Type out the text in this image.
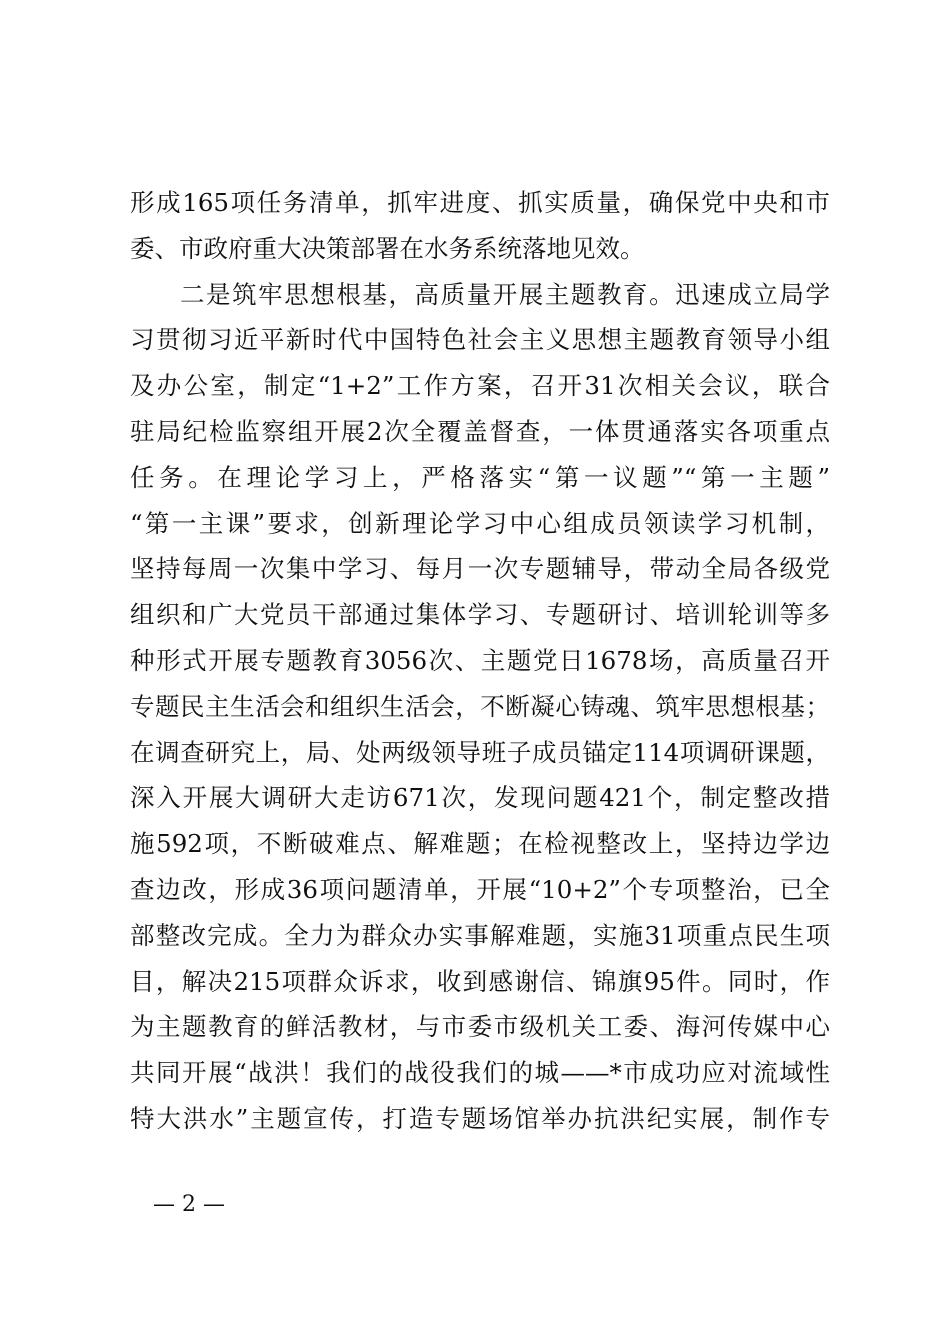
形成165项任务清单，抓牢进度、抓实质量，确保党中央和市
委、市政府重大决策部署在水务系统落地见效。
二是筑牢思想根基，高质量开展主题教育。迅速成立局学
习贯彻习近平新时代中国特色社会主义思想主题教育领导小组
及办公室，制定“1+2”工作方案，召开31次相关会议，联合
驻局纪检监察组开展2次全覆盖督查，一体贯通落实各项重点
任务。在理论学习上，严格落实“第一议题”“第一主题”
“第一主课”要求，创新理论学习中心组成员领读学习机制，
坚持每周一次集中学习、每月一次专题辅导，带动全局各级党
组织和广大党员干部通过集体学习、专题研讨、培训轮训等多
种形式开展专题教育3056次、主题党日1678场，高质量召开
专题民主生活会和组织生活会，不断凝心铸魂、筑牢思想根基；
在调查研究上，局、处两级领导班子成员锚定114项调研课题，
深入开展大调研大走访671次，发现问题421个，制定整改措
施592项，不断破难点、解难题；在检视整改上，坚持边学边
查边改，形成36项问题清单，开展“10+2”个专项整治，已全
部整改完成。全力为群众办实事解难题，实施31项重点民生项
目，解决215项群众诉求，收到感谢信、锦旗95件。同时，作
为主题教育的鲜活教材，与市委市级机关工委、海河传媒中心
共同开展“战洪！我们的战役我们的城——*市成功应对流域性
特大洪水”主题宣传，打造专题场馆举办抗洪纪实展，制作专
— 2 —
